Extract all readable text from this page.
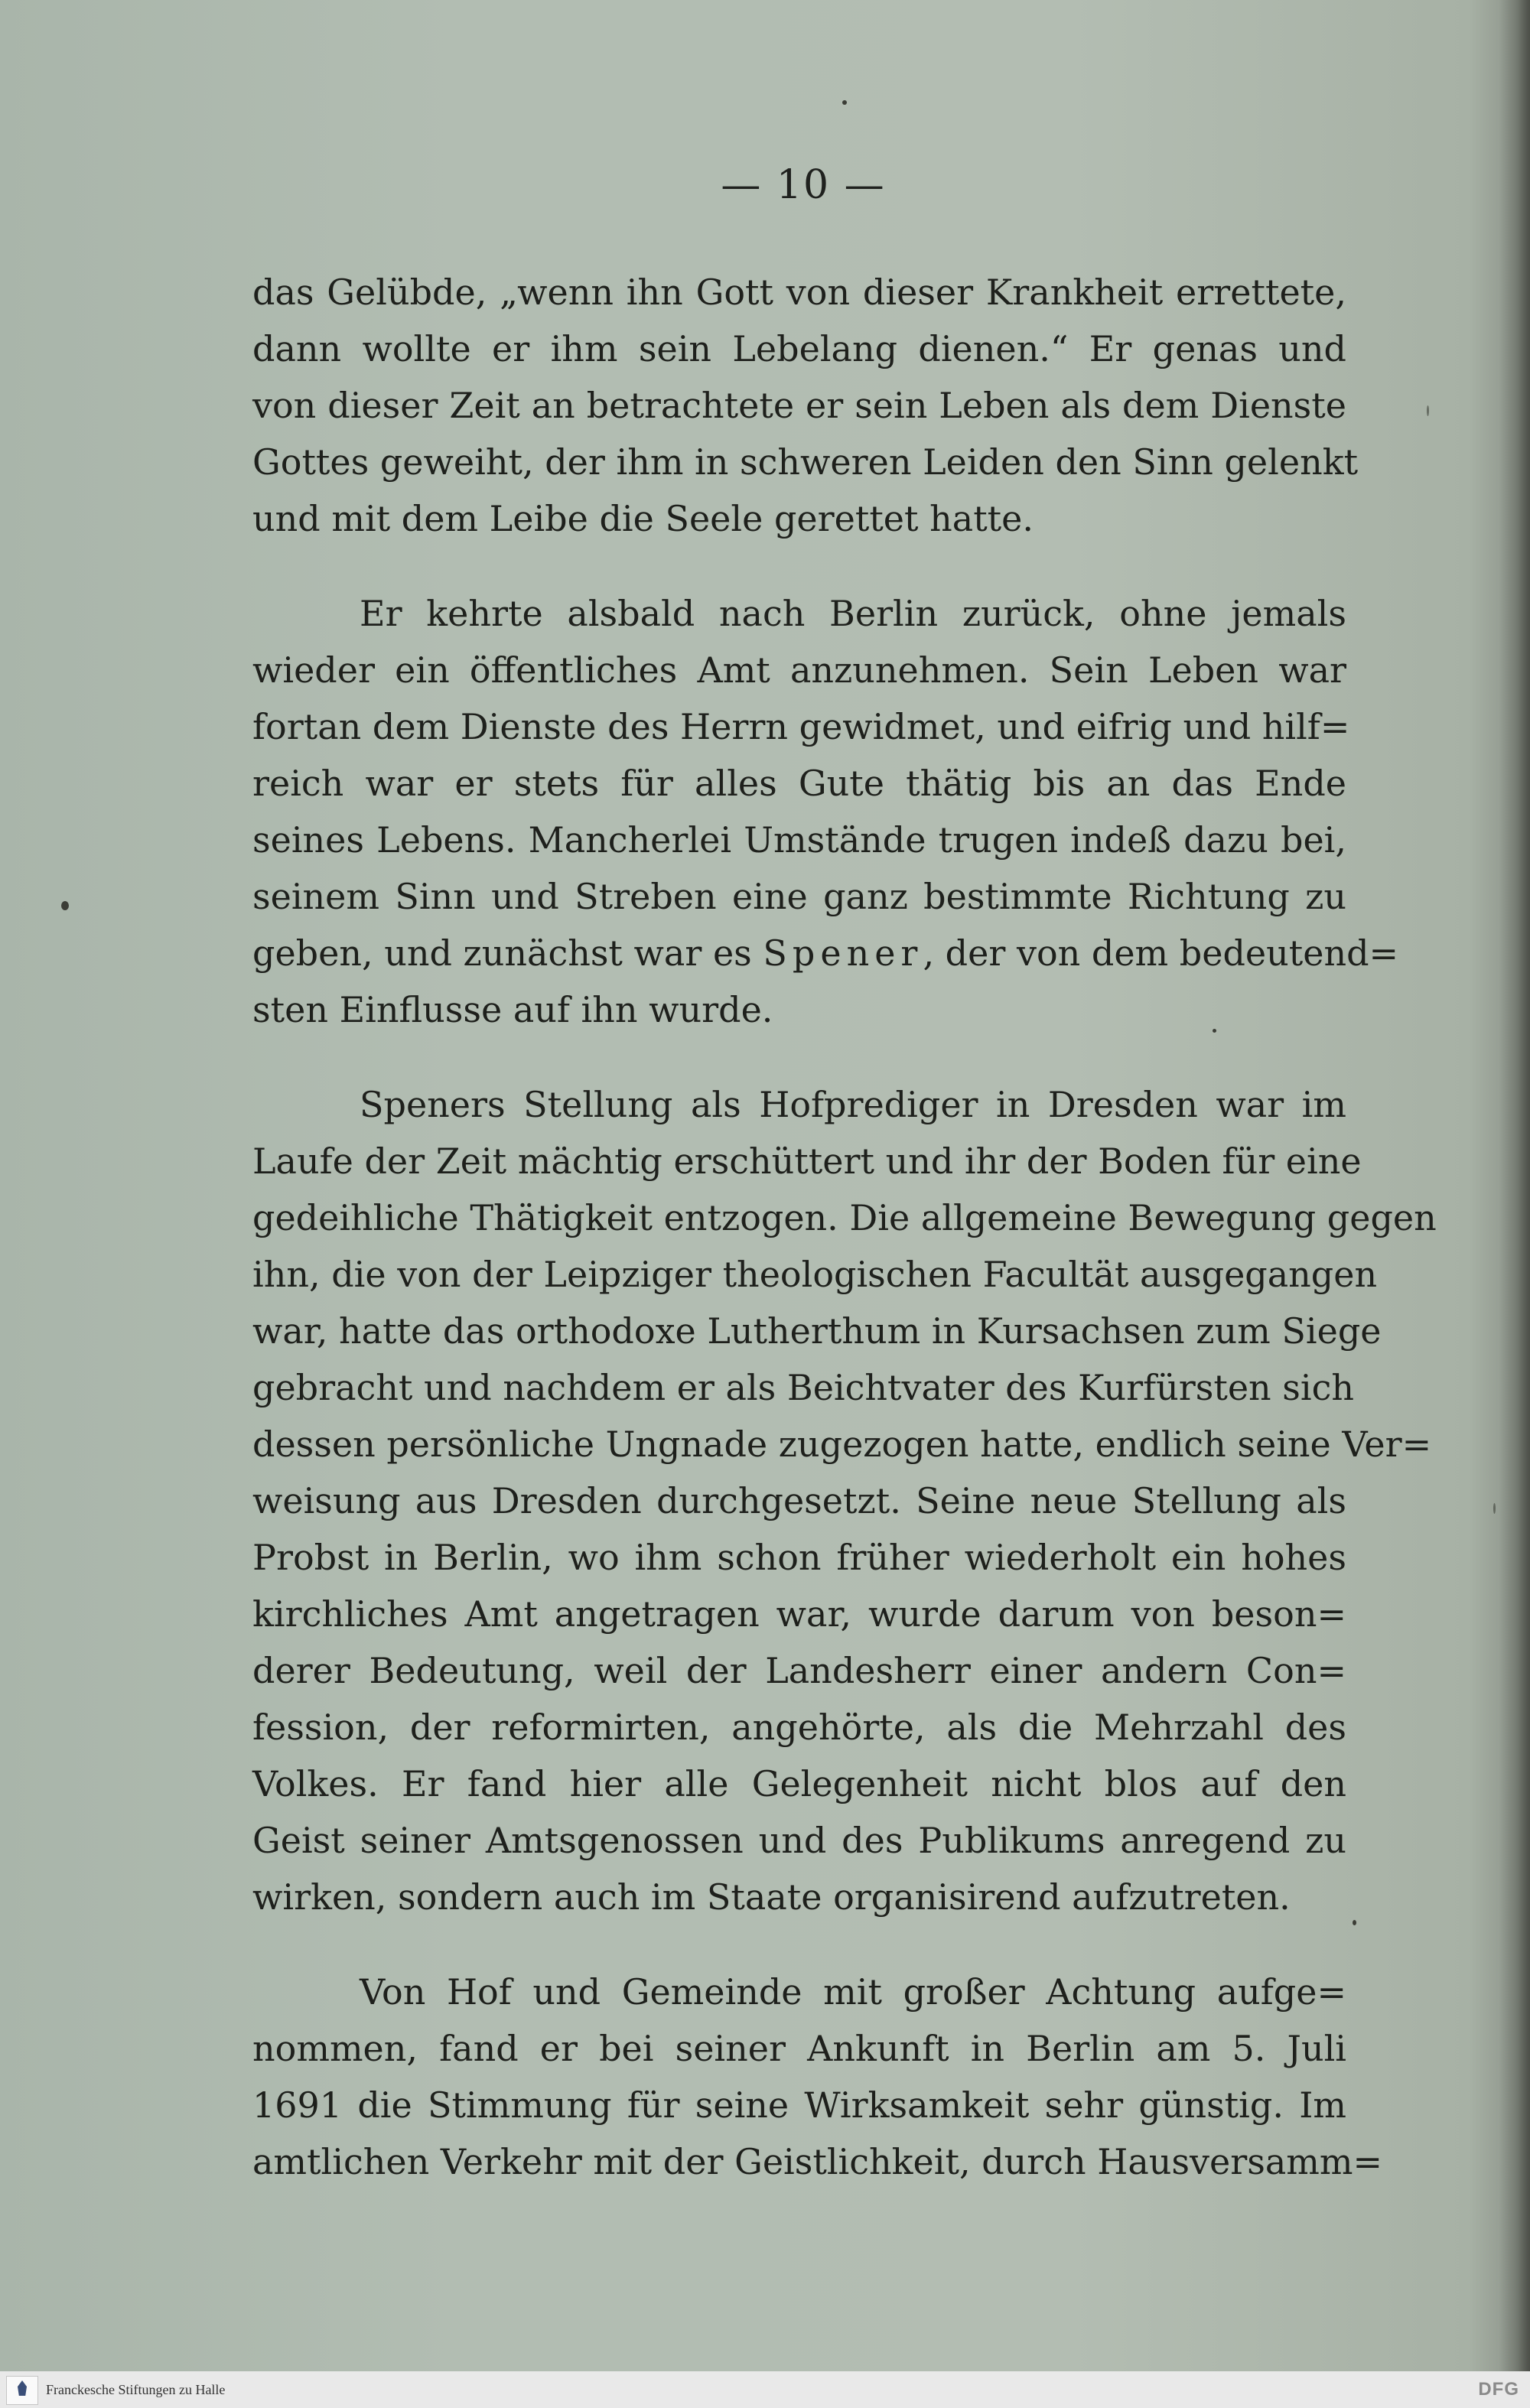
— 10 —
das Gelübde, „wenn ihn Gott von dieser Krankheit errettete,
dann wollte er ihm sein Lebelang dienen.“ Er genas und
von dieser Zeit an betrachtete er sein Leben als dem Dienste
Gottes geweiht, der ihm in schweren Leiden den Sinn gelenkt
und mit dem Leibe die Seele gerettet hatte.
Er kehrte alsbald nach Berlin zurück, ohne jemals
wieder ein öffentliches Amt anzunehmen. Sein Leben war
fortan dem Dienste des Herrn gewidmet, und eifrig und hilf=
reich war er stets für alles Gute thätig bis an das Ende
seines Lebens. Mancherlei Umstände trugen indeß dazu bei,
seinem Sinn und Streben eine ganz bestimmte Richtung zu
geben, und zunächst war es Spener, der von dem bedeutend=
sten Einflusse auf ihn wurde.
Speners Stellung als Hofprediger in Dresden war im
Laufe der Zeit mächtig erschüttert und ihr der Boden für eine
gedeihliche Thätigkeit entzogen. Die allgemeine Bewegung gegen
ihn, die von der Leipziger theologischen Facultät ausgegangen
war, hatte das orthodoxe Lutherthum in Kursachsen zum Siege
gebracht und nachdem er als Beichtvater des Kurfürsten sich
dessen persönliche Ungnade zugezogen hatte, endlich seine Ver=
weisung aus Dresden durchgesetzt. Seine neue Stellung als
Probst in Berlin, wo ihm schon früher wiederholt ein hohes
kirchliches Amt angetragen war, wurde darum von beson=
derer Bedeutung, weil der Landesherr einer andern Con=
fession, der reformirten, angehörte, als die Mehrzahl des
Volkes. Er fand hier alle Gelegenheit nicht blos auf den
Geist seiner Amtsgenossen und des Publikums anregend zu
wirken, sondern auch im Staate organisirend aufzutreten.
Von Hof und Gemeinde mit großer Achtung aufge=
nommen, fand er bei seiner Ankunft in Berlin am 5. Juli
1691 die Stimmung für seine Wirksamkeit sehr günstig. Im
amtlichen Verkehr mit der Geistlichkeit, durch Hausversamm=
Franckesche Stiftungen zu Halle	DFG
